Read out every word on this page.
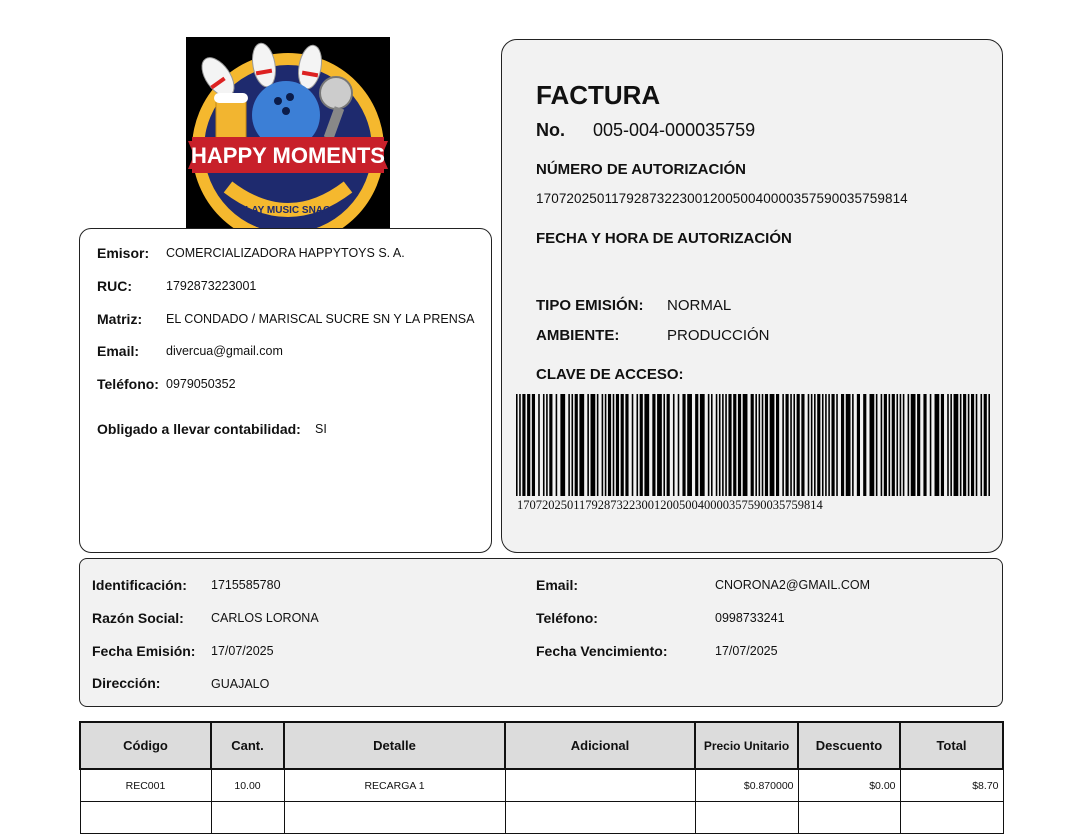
HAPPY MOMENTS
PLAY MUSIC SNACK
Emisor: COMERCIALIZADORA HAPPYTOYS S. A.
RUC:	1792873223001
Matriz: EL CONDADO / MARISCAL SUCRE SN Y LA PRENSA
Email: divercua@gmail.com
Teléfono: 0979050352
Obligado a llevar contabilidad: SI
FACTURA
No. 005-004-000035759
NÚMERO DE AUTORIZACIÓN
1707202501179287322300120050040000357590035759814
FECHA Y HORA DE AUTORIZACIÓN
TIPO EMISIÓN: NORMAL
AMBIENTE:	PRODUCCIÓN
CLAVE DE ACCESO:
1707202501179287322300120050040000357590035759814
Identificación: 1715585780
Razón Social: CARLOS LORONA
Fecha Emisión: 17/07/2025
Dirección:	GUAJALO
Email:	CNORONA2@GMAIL.COM
Teléfono:	0998733241
Fecha Vencimiento:	17/07/2025
Código	Cant.	Detalle	Adicional	Precio Unitario	Descuento	Total
REC001	10.00	RECARGA 1		$0.870000	$0.00	$8.70
